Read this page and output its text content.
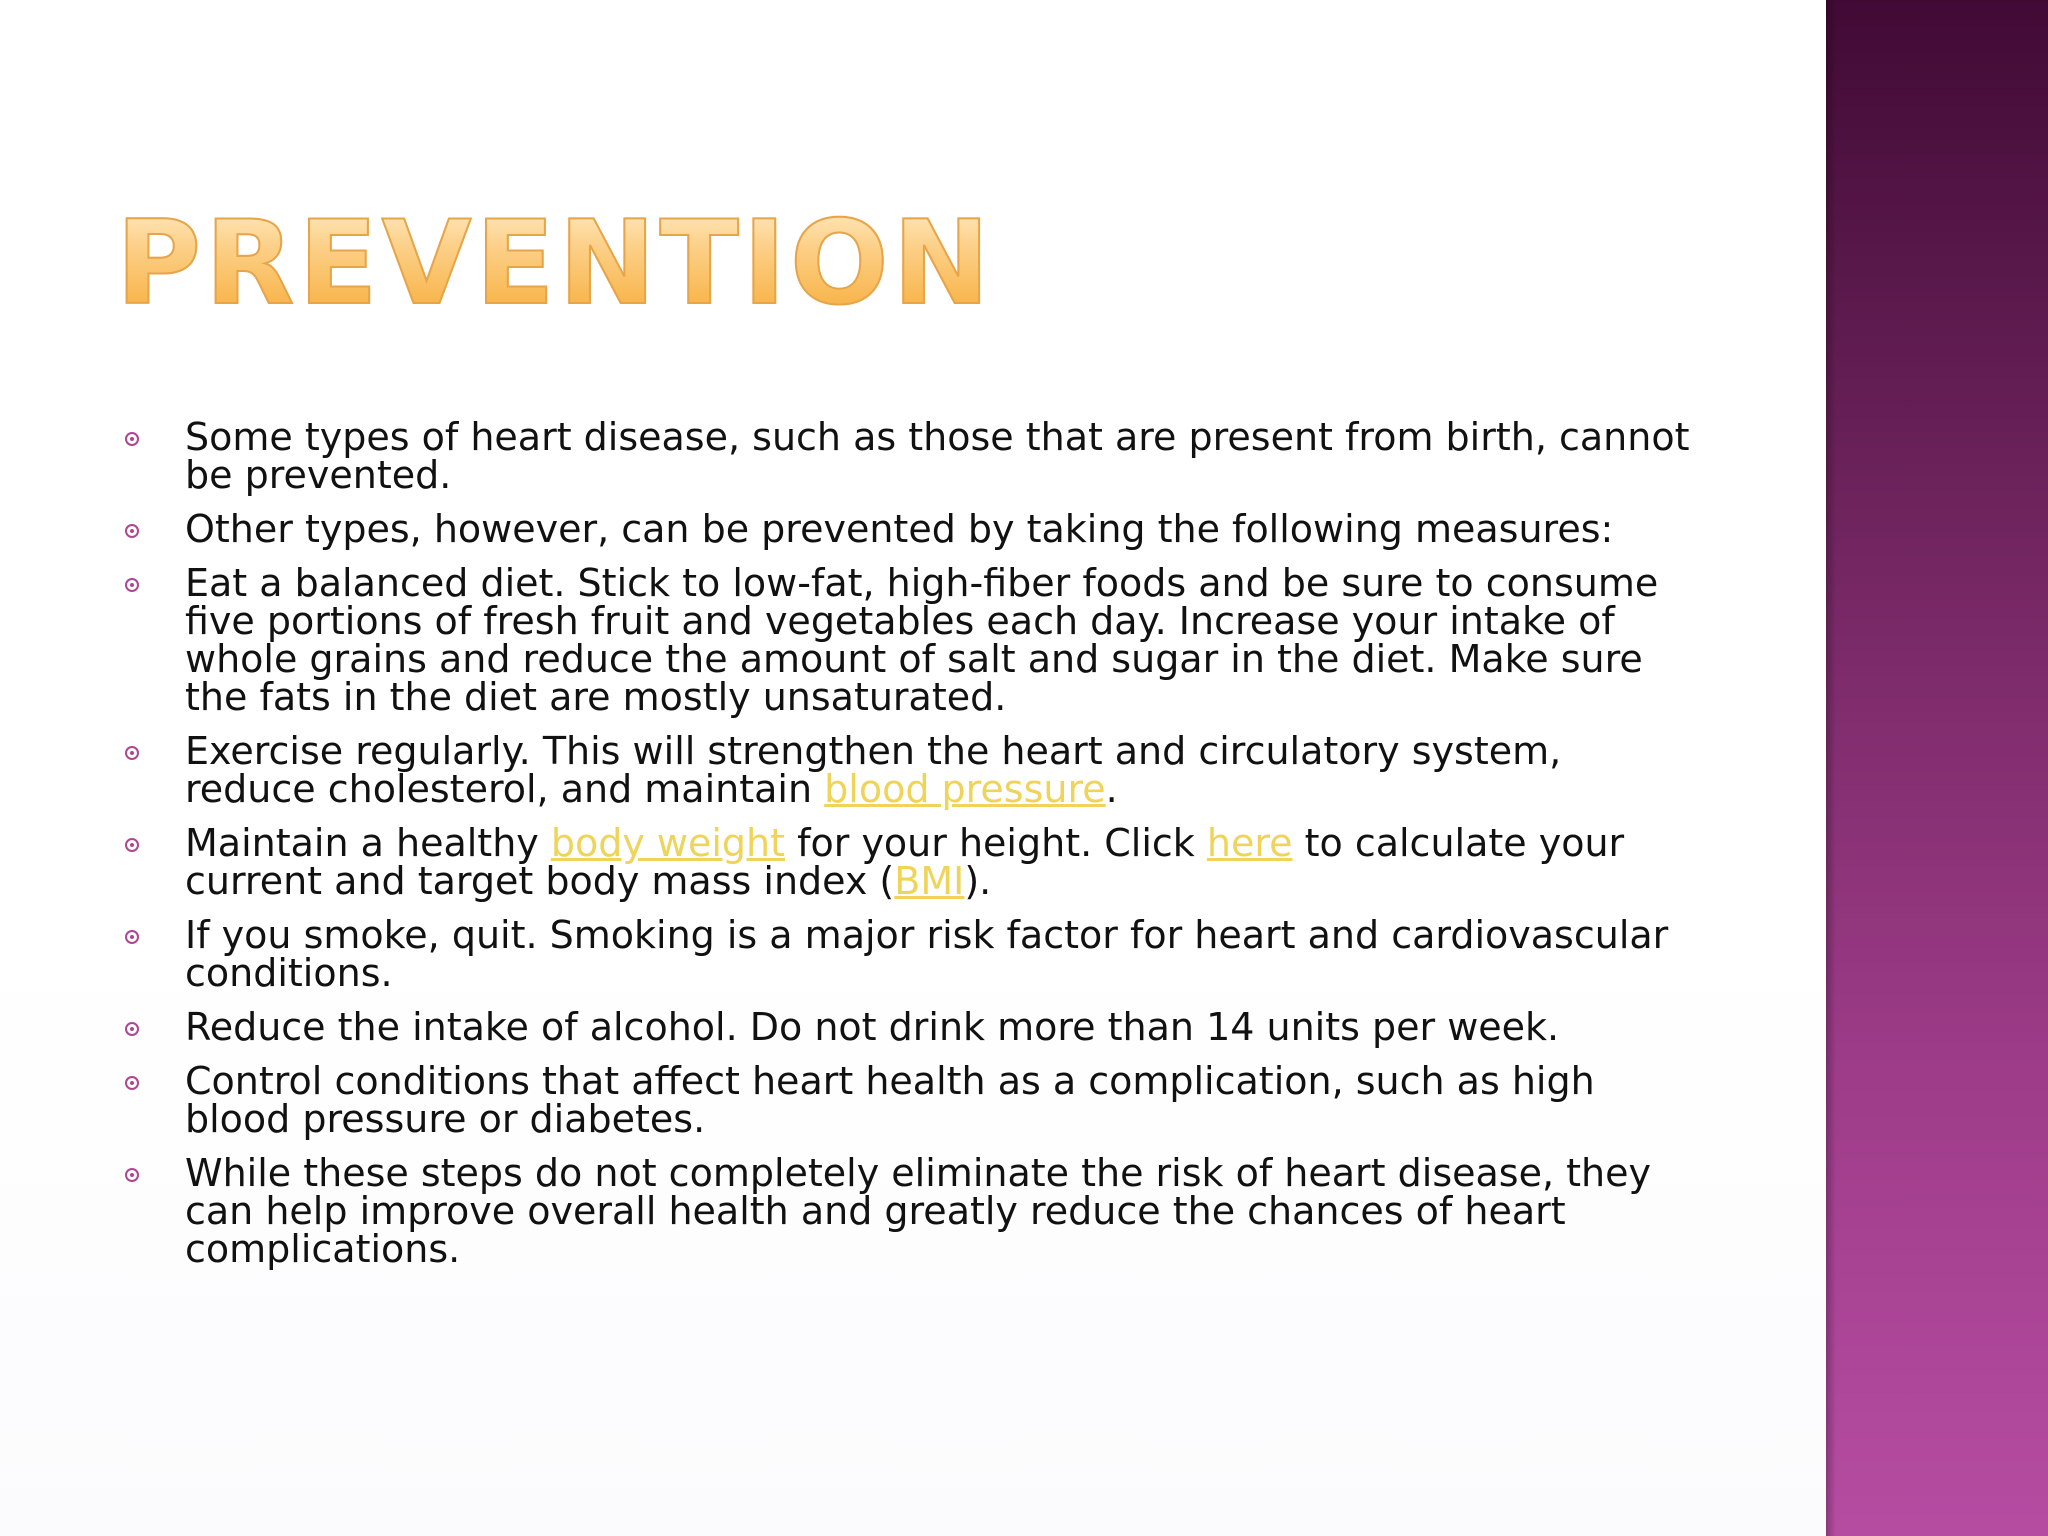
PREVENTION
Some types of heart disease, such as those that are present from birth, cannot be prevented.
Other types, however, can be prevented by taking the following measures:
Eat a balanced diet. Stick to low-fat, high-fiber foods and be sure to consume five portions of fresh fruit and vegetables each day. Increase your intake of whole grains and reduce the amount of salt and sugar in the diet. Make sure the fats in the diet are mostly unsaturated.
Exercise regularly. This will strengthen the heart and circulatory system, reduce cholesterol, and maintain blood pressure.
Maintain a healthy body weight for your height. Click here to calculate your current and target body mass index (BMI).
If you smoke, quit. Smoking is a major risk factor for heart and cardiovascular conditions.
Reduce the intake of alcohol. Do not drink more than 14 units per week.
Control conditions that affect heart health as a complication, such as high blood pressure or diabetes.
While these steps do not completely eliminate the risk of heart disease, they can help improve overall health and greatly reduce the chances of heart complications.
